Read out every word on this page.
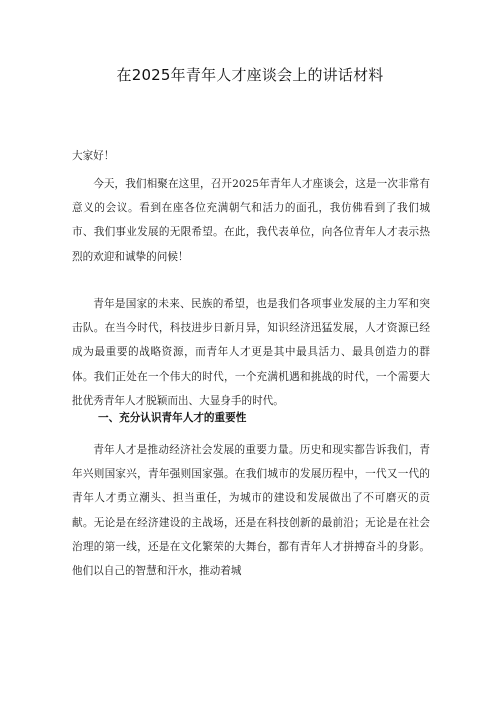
在2025年青年人才座谈会上的讲话材料
大家好！

今天，我们相聚在这里，召开2025年青年人才座谈会，这是一次非常有意义的会议。看到在座各位充满朝气和活力的面孔，我仿佛看到了我们城市、我们事业发展的无限希望。在此，我代表单位，向各位青年人才表示热烈的欢迎和诚挚的问候！

青年是国家的未来、民族的希望，也是我们各项事业发展的主力军和突击队。在当今时代，科技进步日新月异，知识经济迅猛发展，人才资源已经成为最重要的战略资源，而青年人才更是其中最具活力、最具创造力的群体。我们正处在一个伟大的时代，一个充满机遇和挑战的时代，一个需要大批优秀青年人才脱颖而出、大显身手的时代。

一、充分认识青年人才的重要性

青年人才是推动经济社会发展的重要力量。历史和现实都告诉我们，青年兴则国家兴，青年强则国家强。在我们城市的发展历程中，一代又一代的青年人才勇立潮头、担当重任，为城市的建设和发展做出了不可磨灭的贡献。无论是在经济建设的主战场，还是在科技创新的最前沿；无论是在社会治理的第一线，还是在文化繁荣的大舞台，都有青年人才拼搏奋斗的身影。他们以自己的智慧和汗水，推动着城
